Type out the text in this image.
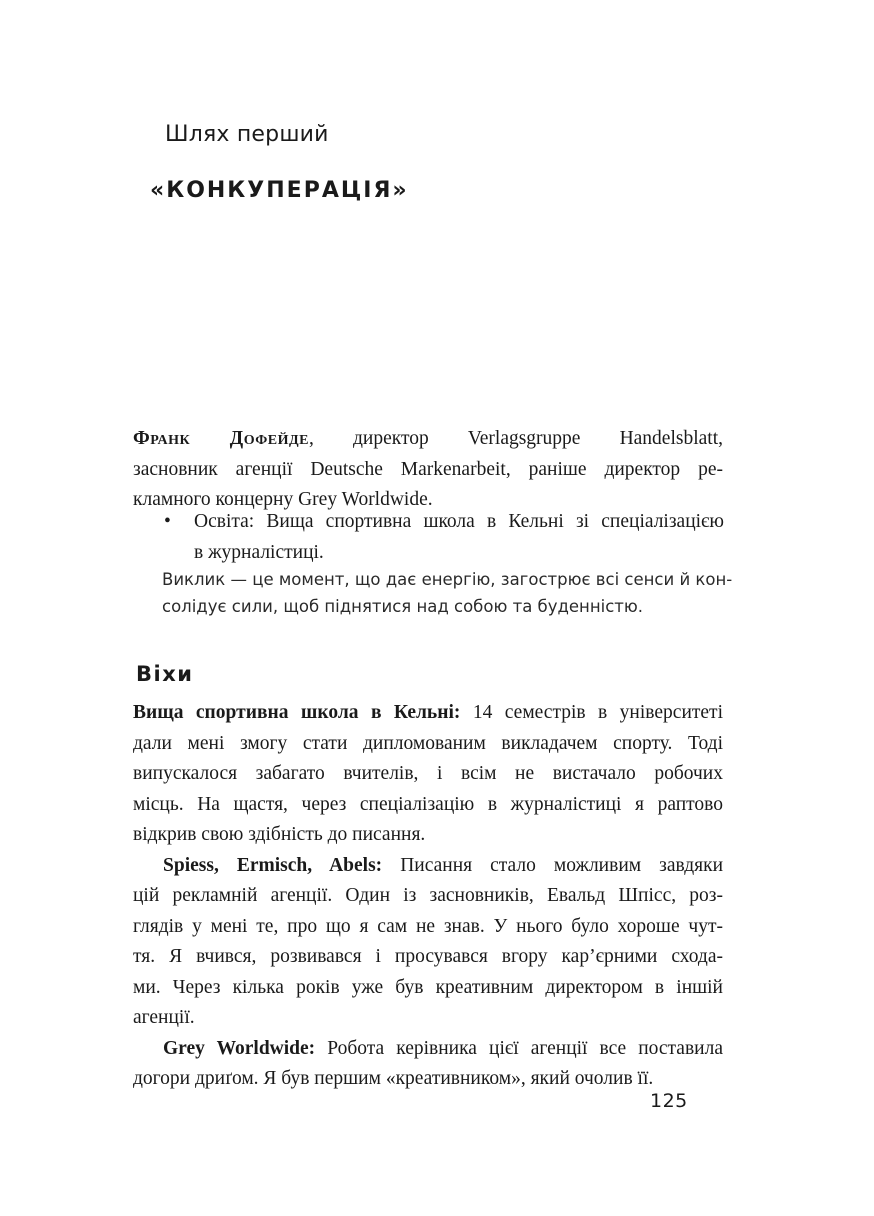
Шлях перший
«КОНКУПЕРАЦІЯ»
Франк Дофейде, директор Verlagsgruppe Handelsblatt,
засновник агенції Deutsche Markenarbeit, раніше директор ре-
кламного концерну Grey Worldwide.
• Освіта: Вища спортивна школа в Кельні зі спеціалізацією
в журналістиці.
Виклик — це момент, що дає енергію, загострює всі сенси й кон-
солідує сили, щоб піднятися над собою та буденністю.
Віхи
Вища спортивна школа в Кельні: 14 семестрів в університеті
дали мені змогу стати дипломованим викладачем спорту. Тоді
випускалося забагато вчителів, і всім не вистачало робочих
місць. На щастя, через спеціалізацію в журналістиці я раптово
відкрив свою здібність до писання.
Spiess, Ermisch, Abels: Писання стало можливим завдяки
цій рекламній агенції. Один із засновників, Евальд Шпісс, роз-
глядів у мені те, про що я сам не знав. У нього було хороше чут-
тя. Я вчився, розвивався і просувався вгору кар’єрними схода-
ми. Через кілька років уже був креативним директором в іншій
агенції.
Grey Worldwide: Робота керівника цієї агенції все поставила
догори дриґом. Я був першим «креативником», який очолив її.
125
